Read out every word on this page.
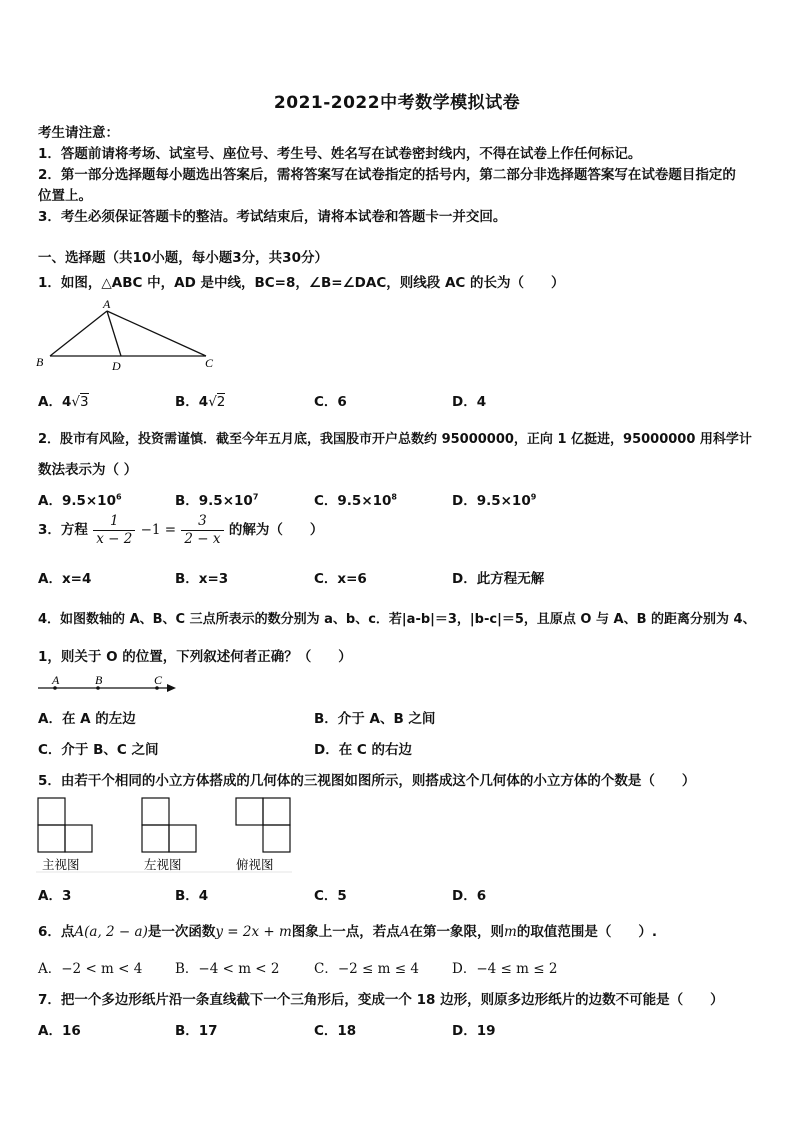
2021-2022中考数学模拟试卷
考生请注意：
1．答题前请将考场、试室号、座位号、考生号、姓名写在试卷密封线内，不得在试卷上作任何标记。
2．第一部分选择题每小题选出答案后，需将答案写在试卷指定的括号内，第二部分非选择题答案写在试卷题目指定的
位置上。
3．考生必须保证答题卡的整洁。考试结束后，请将本试卷和答题卡一并交回。
一、选择题（共10小题，每小题3分，共30分）
1．如图，△ABC 中，AD 是中线，BC=8，∠B=∠DAC，则线段 AC 的长为（　　）
A
B	C
D
A．4√3	B．4√2	C．6	D．4
2．股市有风险，投资需谨慎．截至今年五月底，我国股市开户总数约 95000000，正向 1 亿挺进，95000000 用科学计
数法表示为（ ）
A．$9.5\times 10^6$	B．$9.5\times 10^7$	C．$9.5\times 10^8$	D．$9.5\times 10^9$
3．方程 $\frac{1}{x - 2} -1 = \frac{3}{2 - x}$ 的解为（　　）
A．x=4	B．x=3	C．x=6	D．此方程无解
4．如图数轴的 A、B、C 三点所表示的数分别为 a、b、c．若|a-b|＝3，|b-c|＝5，且原点 O 与 A、B 的距离分别为 4、
1，则关于 O 的位置，下列叙述何者正确？（　　）
A	B	C
A．在 A 的左边	B．介于 A、B 之间
C．介于 B、C 之间	D．在 C 的右边
5．由若干个相同的小立方体搭成的几何体的三视图如图所示，则搭成这个几何体的小立方体的个数是（　　）
主视图	左视图	俯视图
A．3	B．4	C．5	D．6
6．点A(a, 2 − a)是一次函数y = 2x + m图象上一点，若点A在第一象限，则m的取值范围是（　　）.
A．−2 < m < 4 B．−4 < m < 2	C．−2 ≤ m ≤ 4 D．−4 ≤ m ≤ 2
7．把一个多边形纸片沿一条直线截下一个三角形后，变成一个 18 边形，则原多边形纸片的边数不可能是（　　）
A．16	B．17	C．18	D．19
